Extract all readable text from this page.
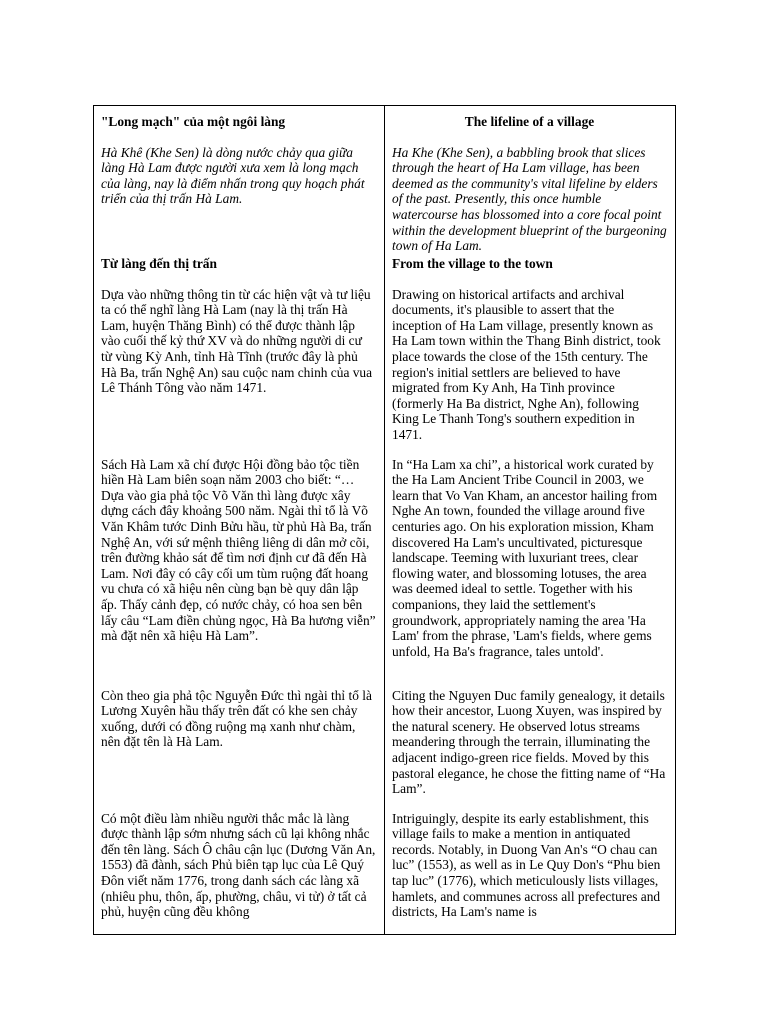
"Long mạch" của một ngôi làng

Hà Khê (Khe Sen) là dòng nước chảy qua giữa làng Hà Lam được người xưa xem là long mạch của làng, nay là điểm nhấn trong quy hoạch phát triển của thị trấn Hà Lam.

Từ làng đến thị trấn

Dựa vào những thông tin từ các hiện vật và tư liệu ta có thể nghĩ làng Hà Lam (nay là thị trấn Hà Lam, huyện Thăng Bình) có thể được thành lập vào cuối thế kỷ thứ XV và do những người di cư từ vùng Kỳ Anh, tỉnh Hà Tĩnh (trước đây là phủ Hà Ba, trấn Nghệ An) sau cuộc nam chinh của vua Lê Thánh Tông vào năm 1471.

Sách Hà Lam xã chí được Hội đồng bảo tộc tiền hiền Hà Lam biên soạn năm 2003 cho biết: “… Dựa vào gia phả tộc Võ Văn thì làng được xây dựng cách đây khoảng 500 năm. Ngài thỉ tổ là Võ Văn Khâm tước Dinh Bửu hầu, từ phủ Hà Ba, trấn Nghệ An, với sứ mệnh thiêng liêng di dân mở cõi, trên đường khảo sát để tìm nơi định cư đã đến Hà Lam. Nơi đây có cây cối um tùm ruộng đất hoang vu chưa có xã hiệu nên cùng bạn bè quy dân lập ấp. Thấy cảnh đẹp, có nước chảy, có hoa sen bên lấy câu “Lam điền chủng ngọc, Hà Ba hương viễn” mà đặt nên xã hiệu Hà Lam”.

Còn theo gia phả tộc Nguyễn Đức thì ngài thỉ tổ là Lương Xuyên hầu thấy trên đất có khe sen chảy xuống, dưới có đồng ruộng mạ xanh như chàm, nên đặt tên là Hà Lam.

Có một điều làm nhiều người thắc mắc là làng được thành lập sớm nhưng sách cũ lại không nhắc đến tên làng. Sách Ô châu cận lục (Dương Văn An, 1553) đã đành, sách Phủ biên tạp lục của Lê Quý Đôn viết năm 1776, trong danh sách các làng xã (nhiêu phu, thôn, ấp, phường, châu, vi tử) ở tất cả phủ, huyện cũng đều không

The lifeline of a village

Ha Khe (Khe Sen), a babbling brook that slices through the heart of Ha Lam village, has been deemed as the community's vital lifeline by elders of the past. Presently, this once humble watercourse has blossomed into a core focal point within the development blueprint of the burgeoning town of Ha Lam.

From the village to the town

Drawing on historical artifacts and archival documents, it's plausible to assert that the inception of Ha Lam village, presently known as Ha Lam town within the Thang Binh district, took place towards the close of the 15th century. The region's initial settlers are believed to have migrated from Ky Anh, Ha Tinh province (formerly Ha Ba district, Nghe An), following King Le Thanh Tong's southern expedition in 1471.

In “Ha Lam xa chi”, a historical work curated by the Ha Lam Ancient Tribe Council in 2003, we learn that Vo Van Kham, an ancestor hailing from Nghe An town, founded the village around five centuries ago. On his exploration mission, Kham discovered Ha Lam's uncultivated, picturesque landscape. Teeming with luxuriant trees, clear flowing water, and blossoming lotuses, the area was deemed ideal to settle. Together with his companions, they laid the settlement's groundwork, appropriately naming the area 'Ha Lam' from the phrase, 'Lam's fields, where gems unfold, Ha Ba's fragrance, tales untold'.

Citing the Nguyen Duc family genealogy, it details how their ancestor, Luong Xuyen, was inspired by the natural scenery. He observed lotus streams meandering through the terrain, illuminating the adjacent indigo-green rice fields. Moved by this pastoral elegance, he chose the fitting name of “Ha Lam”.

Intriguingly, despite its early establishment, this village fails to make a mention in antiquated records. Notably, in Duong Van An's “O chau can luc” (1553), as well as in Le Quy Don's “Phu bien tap luc” (1776), which meticulously lists villages, hamlets, and communes across all prefectures and districts, Ha Lam's name is
